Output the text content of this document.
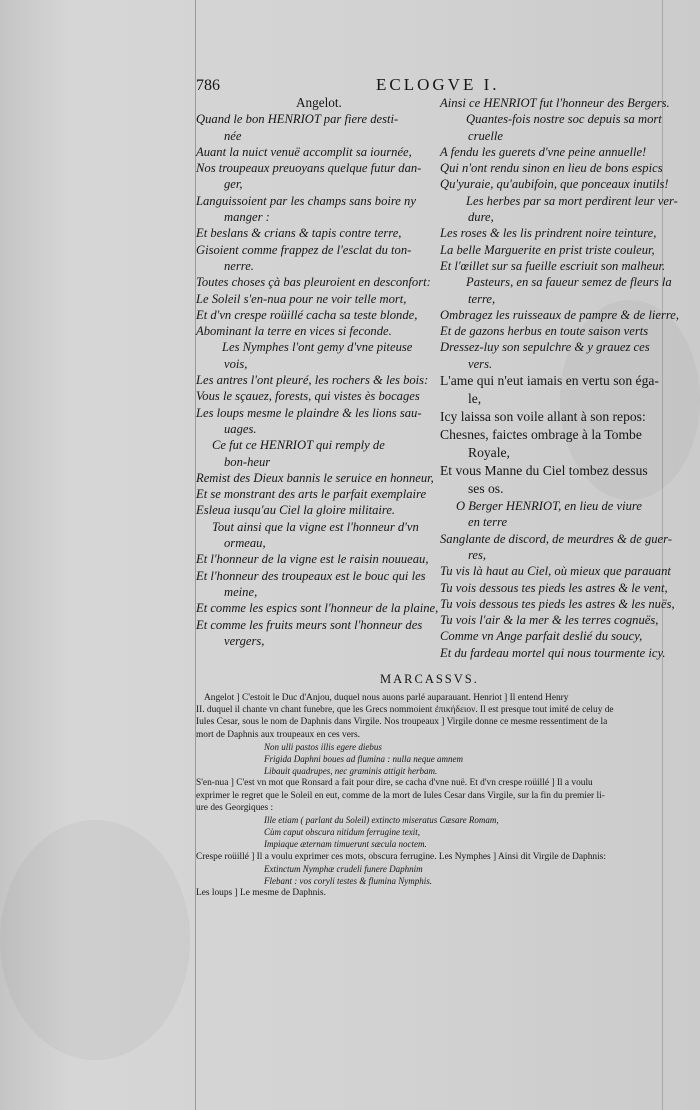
786	ECLOGVE I.
Angelot.
Quand le bon HENRIOT par fiere desti-
née
Auant la nuict venuë accomplit sa iournée,
Nos troupeaux preuoyans quelque futur dan-
ger,
Languissoient par les champs sans boire ny
manger :
Et beslans & crians & tapis contre terre,
Gisoient comme frappez de l'esclat du ton-
nerre.
Toutes choses çà bas pleuroient en desconfort:
Le Soleil s'en-nua pour ne voir telle mort,
Et d'vn crespe roüillé cacha sa teste blonde,
Abominant la terre en vices si feconde.
Les Nymphes l'ont gemy d'vne piteuse
vois,
Les antres l'ont pleuré, les rochers & les bois:
Vous le sçauez, forests, qui vistes ès bocages
Les loups mesme le plaindre & les lions sau-
uages.
Ce fut ce HENRIOT qui remply de
bon-heur
Remist des Dieux bannis le seruice en honneur,
Et se monstrant des arts le parfait exemplaire
Esleua iusqu'au Ciel la gloire militaire.
Tout ainsi que la vigne est l'honneur d'vn
ormeau,
Et l'honneur de la vigne est le raisin nouueau,
Et l'honneur des troupeaux est le bouc qui les
meine,
Et comme les espics sont l'honneur de la plaine,
Et comme les fruits meurs sont l'honneur des
vergers,
Ainsi ce HENRIOT fut l'honneur des Bergers.
Quantes-fois nostre soc depuis sa mort
cruelle
A fendu les guerets d'vne peine annuelle!
Qui n'ont rendu sinon en lieu de bons espics
Qu'yuraie, qu'aubifoin, que ponceaux inutils!
Les herbes par sa mort perdirent leur ver-
dure,
Les roses & les lis prindrent noire teinture,
La belle Marguerite en prist triste couleur,
Et l'œillet sur sa fueille escriuit son malheur.
Pasteurs, en sa faueur semez de fleurs la
terre,
Ombragez les ruisseaux de pampre & de lierre,
Et de gazons herbus en toute saison verts
Dressez-luy son sepulchre & y grauez ces
vers.
L'ame qui n'eut iamais en vertu son éga-
le,
Icy laissa son voile allant à son repos:
Chesnes, faictes ombrage à la Tombe
Royale,
Et vous Manne du Ciel tombez dessus
ses os.
O Berger HENRIOT, en lieu de viure
en terre
Sanglante de discord, de meurdres & de guer-
res,
Tu vis là haut au Ciel, où mieux que parauant
Tu vois dessous tes pieds les astres & le vent,
Tu vois dessous tes pieds les astres & les nuës,
Tu vois l'air & la mer & les terres cognuës,
Comme vn Ange parfait deslié du soucy,
Et du fardeau mortel qui nous tourmente icy.
MARCASSVS.
Angelot ] C'estoit le Duc d'Anjou, duquel nous auons parlé auparauant. Henriot ] Il entend Henry
II. duquel il chante vn chant funebre, que les Grecs nommoient ἐπικήδειον. Il est presque tout imité de celuy de
Iules Cesar, sous le nom de Daphnis dans Virgile. Nos troupeaux ] Virgile donne ce mesme ressentiment de la
mort de Daphnis aux troupeaux en ces vers.
Non ulli pastos illis egere diebus
Frigida Daphni boues ad flumina : nulla neque amnem
Libauit quadrupes, nec graminis attigit herbam.
S'en-nua ] C'est vn mot que Ronsard a fait pour dire, se cacha d'vne nuë. Et d'vn crespe roüillé ] Il a voulu
exprimer le regret que le Soleil en eut, comme de la mort de Iules Cesar dans Virgile, sur la fin du premier li-
ure des Georgiques :
Ille etiam ( parlant du Soleil) extincto miseratus Cæsare Romam,
Cùm caput obscura nitidum ferrugine texit,
Impiaque æternam timuerunt sæcula noctem.
Crespe roüillé ] Il a voulu exprimer ces mots, obscura ferrugine. Les Nymphes ] Ainsi dit Virgile de Daphnis:
Extinctum Nymphæ crudeli funere Daphnim
Flebant : vos coryli testes & flumina Nymphis.
Les loups ] Le mesme de Daphnis.
